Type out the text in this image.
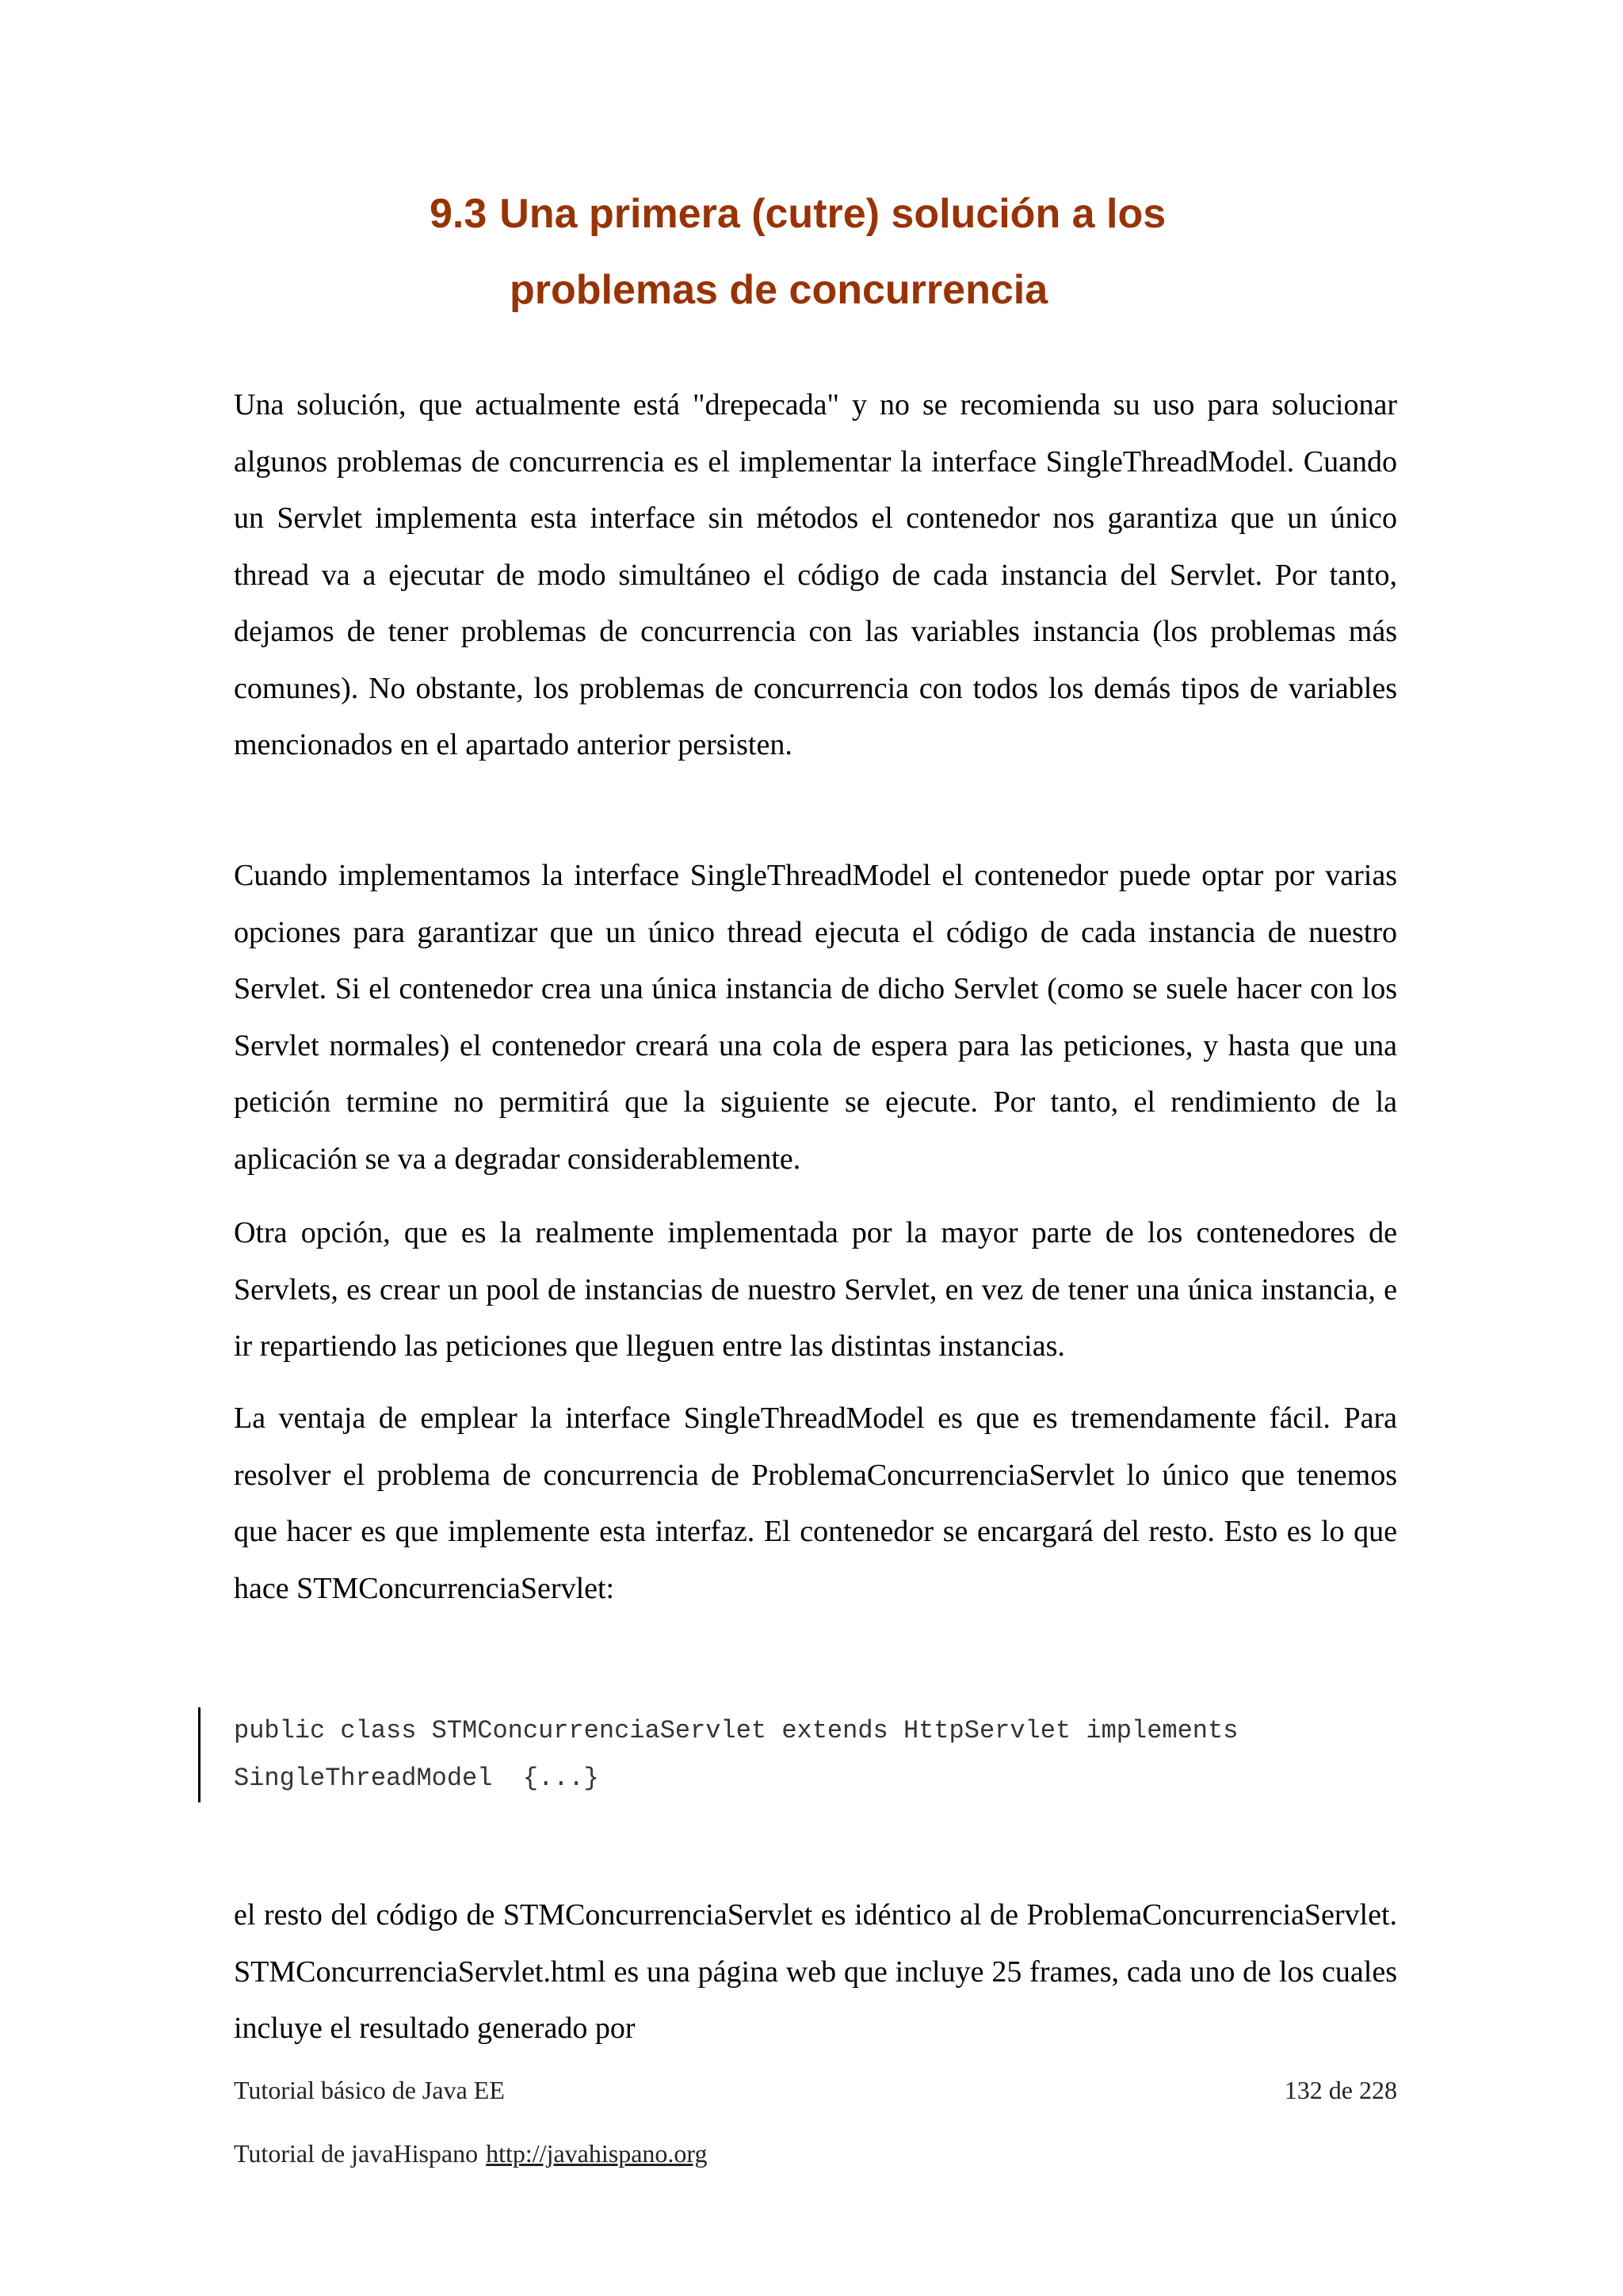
9.3 Una primera (cutre) solución a los
problemas de concurrencia

Una solución, que actualmente está "drepecada" y no se recomienda su uso para solucionar algunos problemas de concurrencia es el implementar la interface SingleThreadModel. Cuando un Servlet implementa esta interface sin métodos el contenedor nos garantiza que un único thread va a ejecutar de modo simultáneo el código de cada instancia del Servlet. Por tanto, dejamos de tener problemas de concurrencia con las variables instancia (los problemas más comunes). No obstante, los problemas de concurrencia con todos los demás tipos de variables mencionados en el apartado anterior persisten.

Cuando implementamos la interface SingleThreadModel el contenedor puede optar por varias opciones para garantizar que un único thread ejecuta el código de cada instancia de nuestro Servlet. Si el contenedor crea una única instancia de dicho Servlet (como se suele hacer con los Servlet normales) el contenedor creará una cola de espera para las peticiones, y hasta que una petición termine no permitirá que la siguiente se ejecute. Por tanto, el rendimiento de la aplicación se va a degradar considerablemente.

Otra opción, que es la realmente implementada por la mayor parte de los contenedores de Servlets, es crear un pool de instancias de nuestro Servlet, en vez de tener una única instancia, e ir repartiendo las peticiones que lleguen entre las distintas instancias.

La ventaja de emplear la interface SingleThreadModel es que es tremendamente fácil. Para resolver el problema de concurrencia de ProblemaConcurrenciaServlet lo único que tenemos que hacer es que implemente esta interfaz. El contenedor se encargará del resto. Esto es lo que hace STMConcurrenciaServlet:

public class STMConcurrenciaServlet extends HttpServlet implements
SingleThreadModel  {...}

el resto del código de STMConcurrenciaServlet es idéntico al de ProblemaConcurrenciaServlet. STMConcurrenciaServlet.html es una página web que incluye 25 frames, cada uno de los cuales incluye el resultado generado por

Tutorial básico de Java EE	132 de 228
Tutorial de javaHispano http://javahispano.org
